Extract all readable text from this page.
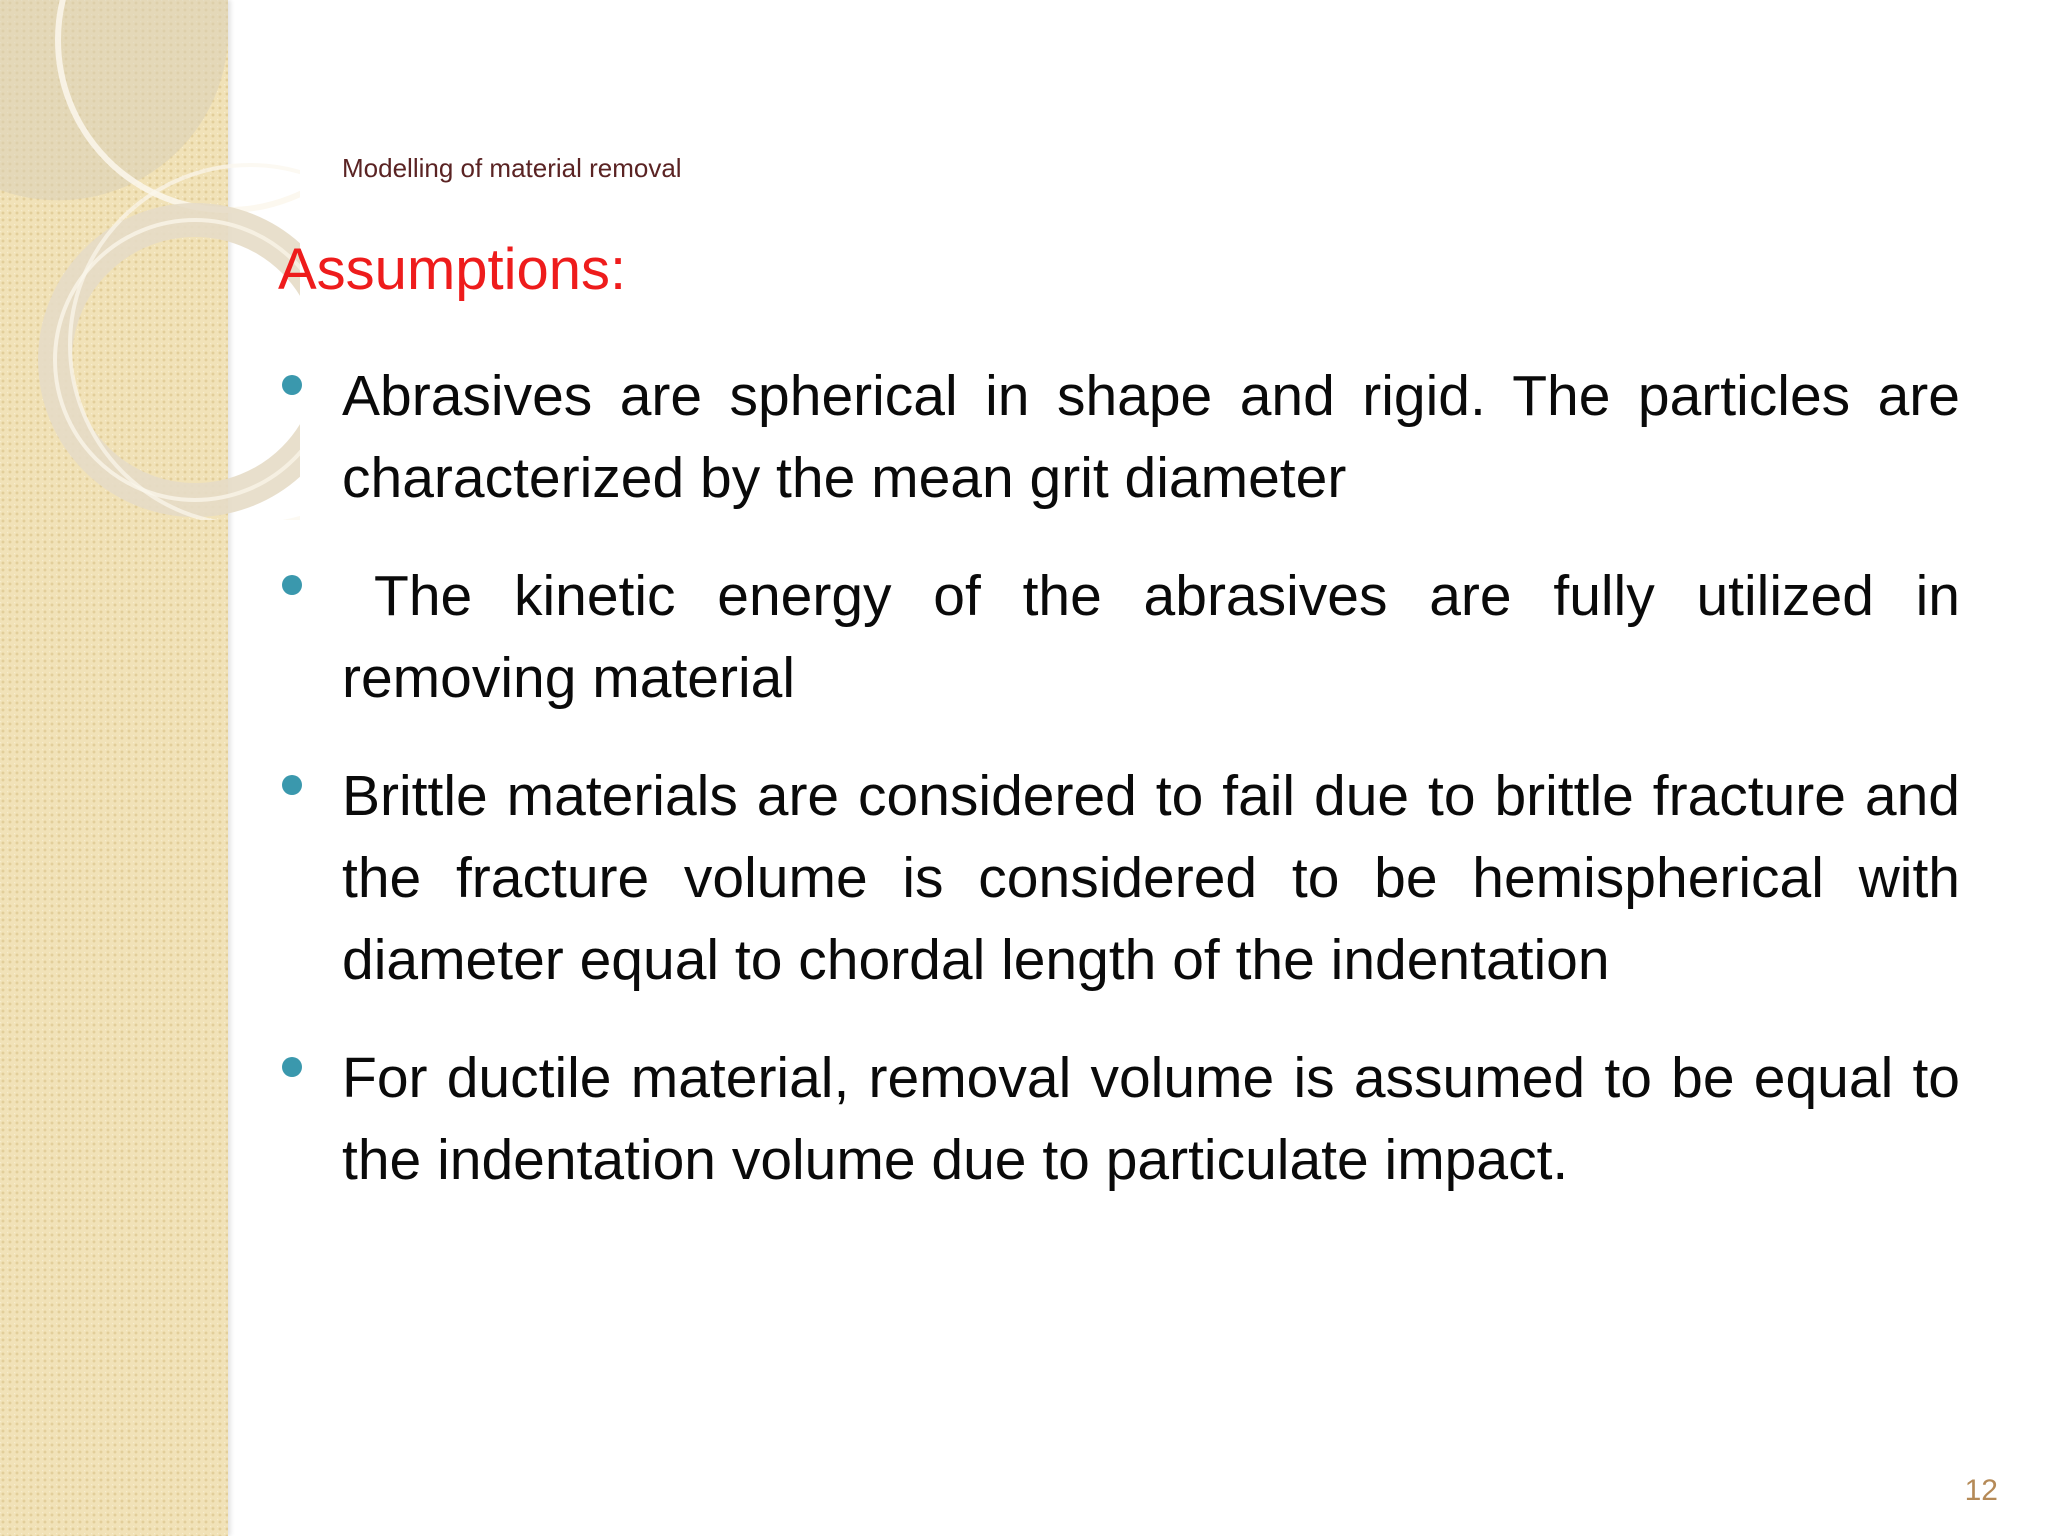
Modelling of material removal
Assumptions:
Abrasives are spherical in shape and rigid. The particles are characterized by the mean grit diameter
The kinetic energy of the abrasives are fully utilized in removing material
Brittle materials are considered to fail due to brittle fracture and the fracture volume is considered to be hemispherical with diameter equal to chordal length of the indentation
For ductile material, removal volume is assumed to be equal to the indentation volume due to particulate impact.
12
